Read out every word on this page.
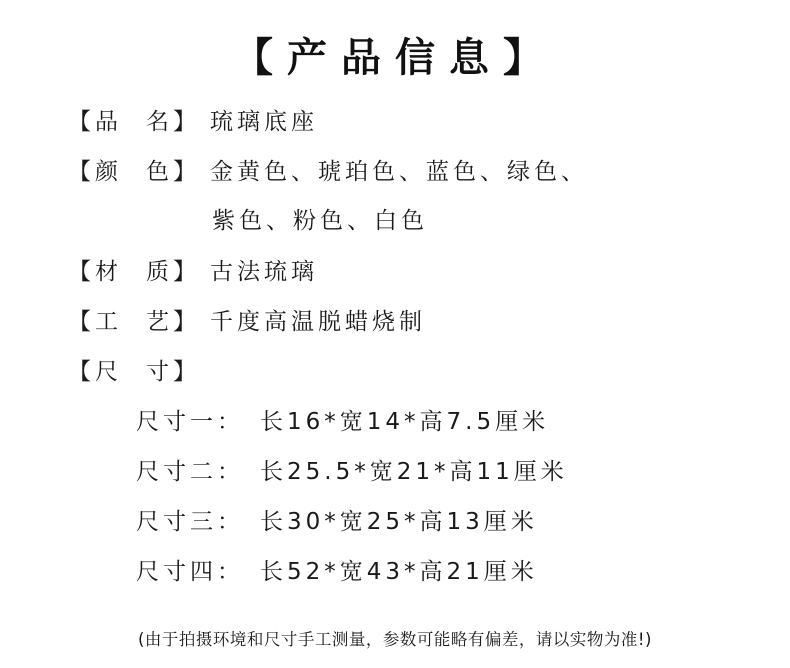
【产品信息】
【品 名】 琉璃底座
【颜 色】 金黄色、琥珀色、蓝色、绿色、
紫色、粉色、白色
【材 质】 古法琉璃
【工 艺】 千度高温脱蜡烧制
【尺 寸】
尺寸一： 长16*宽14*高7.5厘米
尺寸二： 长25.5*宽21*高11厘米
尺寸三： 长30*宽25*高13厘米
尺寸四： 长52*宽43*高21厘米
(由于拍摄环境和尺寸手工测量，参数可能略有偏差，请以实物为准!)
